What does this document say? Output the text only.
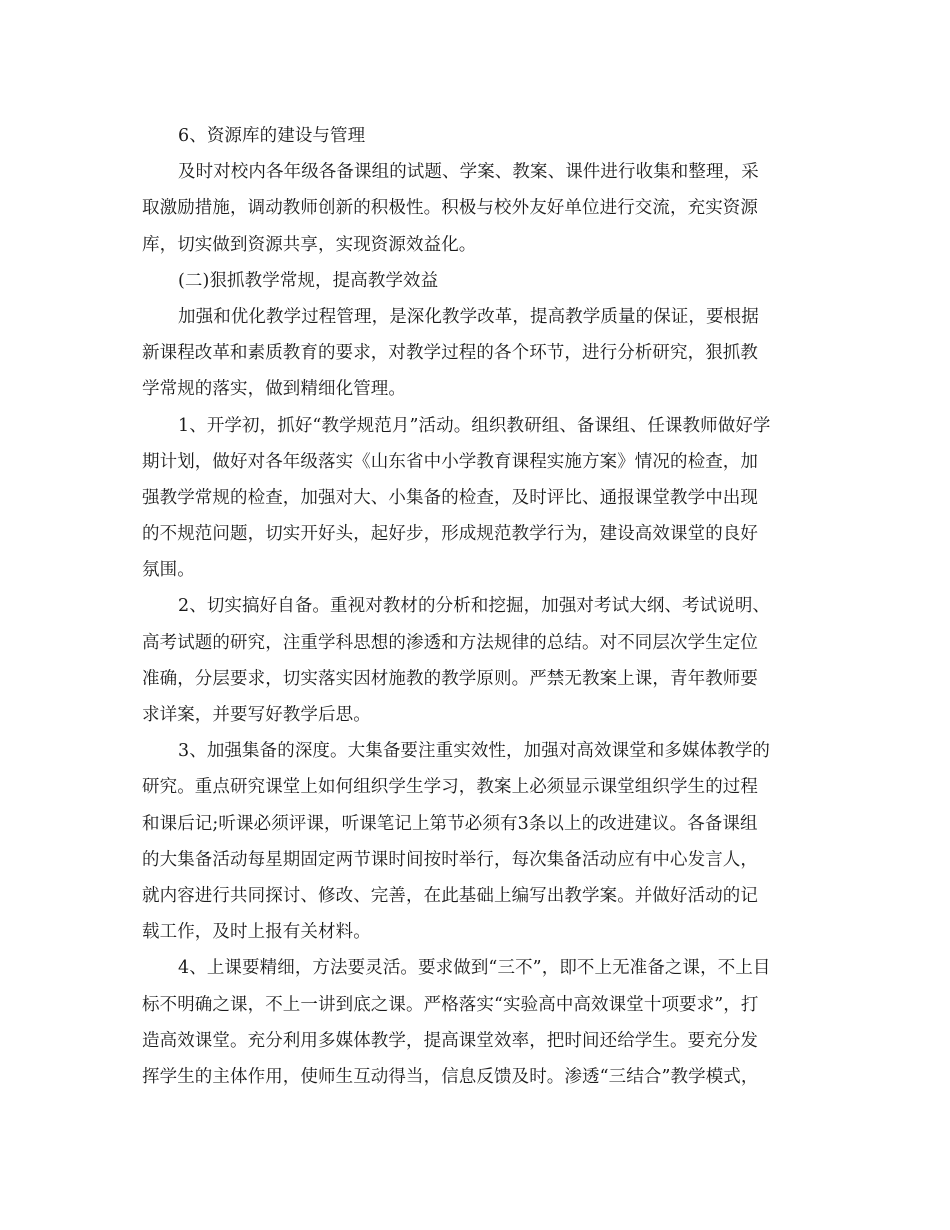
6、资源库的建设与管理
及时对校内各年级各备课组的试题、学案、教案、课件进行收集和整理，采
取激励措施，调动教师创新的积极性。积极与校外友好单位进行交流，充实资源
库，切实做到资源共享，实现资源效益化。
(二)狠抓教学常规，提高教学效益
加强和优化教学过程管理，是深化教学改革，提高教学质量的保证，要根据
新课程改革和素质教育的要求，对教学过程的各个环节，进行分析研究，狠抓教
学常规的落实，做到精细化管理。
1、开学初，抓好“教学规范月”活动。组织教研组、备课组、任课教师做好学
期计划，做好对各年级落实《山东省中小学教育课程实施方案》情况的检查，加
强教学常规的检查，加强对大、小集备的检查，及时评比、通报课堂教学中出现
的不规范问题，切实开好头，起好步，形成规范教学行为，建设高效课堂的良好
氛围。
2、切实搞好自备。重视对教材的分析和挖掘，加强对考试大纲、考试说明、
高考试题的研究，注重学科思想的渗透和方法规律的总结。对不同层次学生定位
准确，分层要求，切实落实因材施教的教学原则。严禁无教案上课，青年教师要
求详案，并要写好教学后思。
3、加强集备的深度。大集备要注重实效性，加强对高效课堂和多媒体教学的
研究。重点研究课堂上如何组织学生学习，教案上必须显示课堂组织学生的过程
和课后记;听课必须评课，听课笔记上第节必须有3条以上的改进建议。各备课组
的大集备活动每星期固定两节课时间按时举行，每次集备活动应有中心发言人，
就内容进行共同探讨、修改、完善，在此基础上编写出教学案。并做好活动的记
载工作，及时上报有关材料。
4、上课要精细，方法要灵活。要求做到“三不”，即不上无准备之课，不上目
标不明确之课，不上一讲到底之课。严格落实“实验高中高效课堂十项要求”，打
造高效课堂。充分利用多媒体教学，提高课堂效率，把时间还给学生。要充分发
挥学生的主体作用，使师生互动得当，信息反馈及时。渗透“三结合”教学模式，
